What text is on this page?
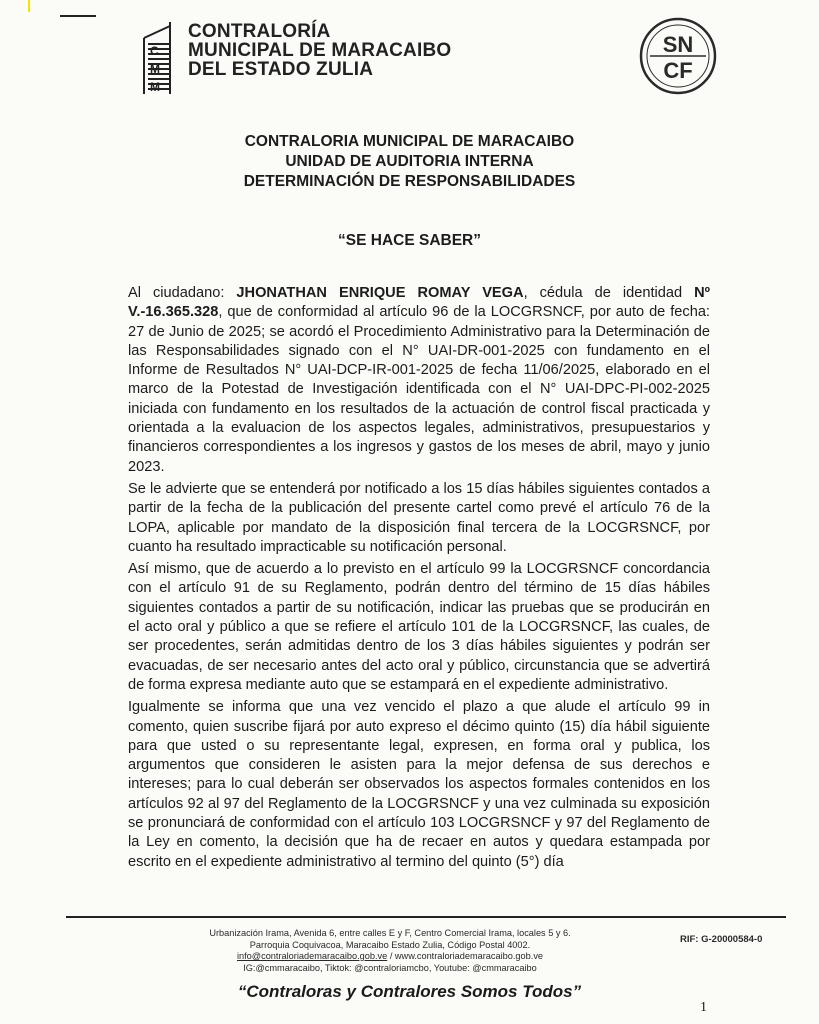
C
M
M
CONTRALORÍA
MUNICIPAL DE MARACAIBO
DEL ESTADO ZULIA
SN
CF
CONTRALORIA MUNICIPAL DE MARACAIBO
UNIDAD DE AUDITORIA INTERNA
DETERMINACIÓN DE RESPONSABILIDADES
“SE HACE SABER”

Al ciudadano: JHONATHAN ENRIQUE ROMAY VEGA, cédula de identidad Nº V.-16.365.328, que de conformidad al artículo 96 de la LOCGRSNCF, por auto de fecha: 27 de Junio de 2025; se acordó el Procedimiento Administrativo para la Determinación de las Responsabilidades signado con el N° UAI-DR-001-2025 con fundamento en el Informe de Resultados N° UAI-DCP-IR-001-2025 de fecha 11/06/2025, elaborado en el marco de la Potestad de Investigación identificada con el N° UAI-DPC-PI-002-2025 iniciada con fundamento en los resultados de la actuación de control fiscal practicada y orientada a la evaluacion de los aspectos legales, administrativos, presupuestarios y financieros correspondientes a los ingresos y gastos de los meses de abril, mayo y junio 2023.

Se le advierte que se entenderá por notificado a los 15 días hábiles siguientes contados a partir de la fecha de la publicación del presente cartel como prevé el artículo 76 de la LOPA, aplicable por mandato de la disposición final tercera de la LOCGRSNCF, por cuanto ha resultado impracticable su notificación personal.

Así mismo, que de acuerdo a lo previsto en el artículo 99 la LOCGRSNCF concordancia con el artículo 91 de su Reglamento, podrán dentro del término de 15 días hábiles siguientes contados a partir de su notificación, indicar las pruebas que se producirán en el acto oral y público a que se refiere el artículo 101 de la LOCGRSNCF, las cuales, de ser procedentes, serán admitidas dentro de los 3 días hábiles siguientes y podrán ser evacuadas, de ser necesario antes del acto oral y público, circunstancia que se advertirá de forma expresa mediante auto que se estampará en el expediente administrativo.

Igualmente se informa que una vez vencido el plazo a que alude el artículo 99 in comento, quien suscribe fijará por auto expreso el décimo quinto (15) día hábil siguiente para que usted o su representante legal, expresen, en forma oral y publica, los argumentos que consideren le asisten para la mejor defensa de sus derechos e intereses; para lo cual deberán ser observados los aspectos formales contenidos en los artículos 92 al 97 del Reglamento de la LOCGRSNCF y una vez culminada su exposición se pronunciará de conformidad con el artículo 103 LOCGRSNCF y 97 del Reglamento de la Ley en comento, la decisión que ha de recaer en autos y quedara estampada por escrito en el expediente administrativo al termino del quinto (5°) día

Urbanización Irama, Avenida 6, entre calles E y F, Centro Comercial Irama, locales 5 y 6.
Parroquia Coquivacoa, Maracaibo Estado Zulia, Código Postal 4002.
info@contraloriademaracaibo.gob.ve / www.contraloriademaracaibo.gob.ve
IG:@cmmaracaibo, Tiktok: @contraloriamcbo, Youtube: @cmmaracaibo
RIF: G-20000584-0
“Contraloras y Contralores Somos Todos”
1
